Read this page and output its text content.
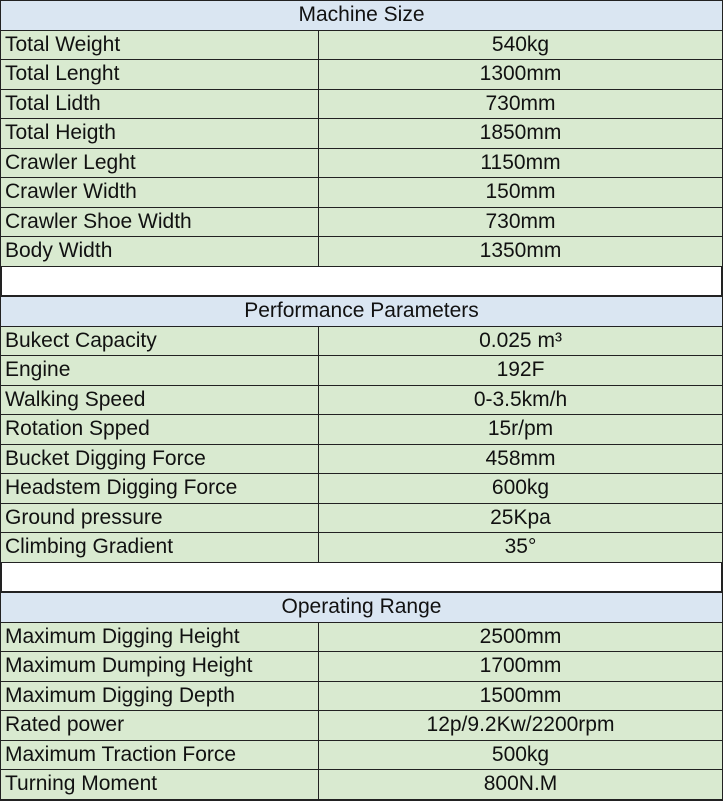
Machine Size
Total Weight	540kg
Total Lenght	1300mm
Total Lidth	730mm
Total Heigth	1850mm
Crawler Leght	1150mm
Crawler Width	150mm
Crawler Shoe Width	730mm
Body Width	1350mm
Performance Parameters
Bukect Capacity	0.025 m³
Engine	192F
Walking Speed	0-3.5km/h
Rotation Spped	15r/pm
Bucket Digging Force	458mm
Headstem Digging Force	600kg
Ground pressure	25Kpa
Climbing Gradient	35°
Operating Range
Maximum Digging Height	2500mm
Maximum Dumping Height	1700mm
Maximum Digging Depth	1500mm
Rated power	12p/9.2Kw/2200rpm
Maximum Traction Force	500kg
Turning Moment	800N.M
